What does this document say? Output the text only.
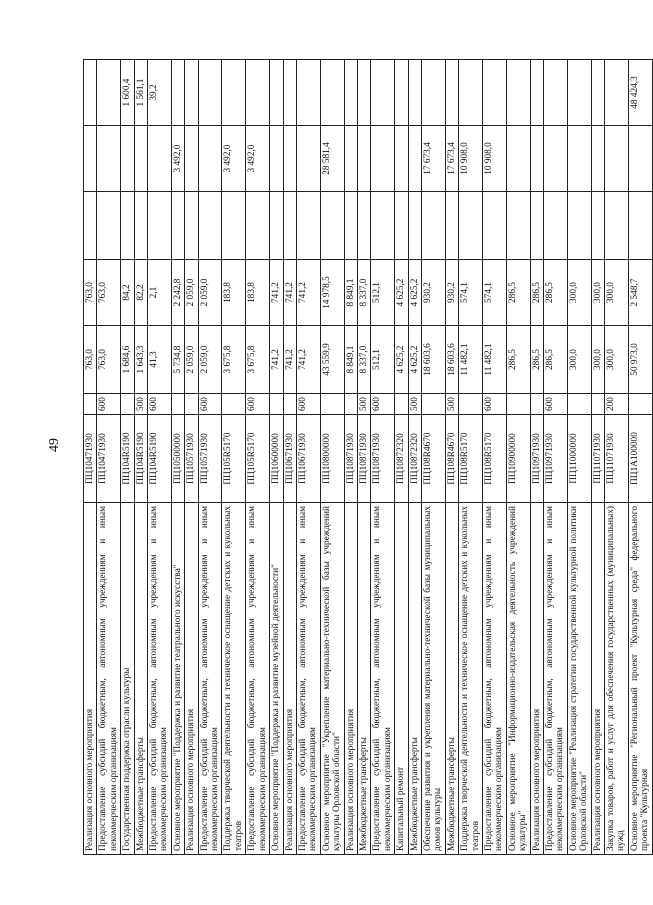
49
Реализация основного мероприятия	ПЦ10471930		763,0	763,0			
Предоставление субсидий бюджетным, автономным учреждениям и иным некоммерческим организациям	ПЦ10471930	600	763,0	763,0			
Государственная поддержка отрасли культуры	ПЦ104R5190		1 684,6	84,2			1 600,4
Межбюджетные трансферты	ПЦ104R5190	500	1 643,3	82,2			1 561,1
Предоставление субсидий бюджетным, автономным учреждениям и иным некоммерческим организациям	ПЦ104R5190	600	41,3	2,1			39,2
Основное мероприятие "Поддержка и развитие театрального искусства"	ПЦ10500000		5 734,8	2 242,8		3 492,0	
Реализация основного мероприятия	ПЦ10571930		2 059,0	2 059,0			
Предоставление субсидий бюджетным, автономным учреждениям и иным некоммерческим организациям	ПЦ10571930	600	2 059,0	2 059,0			
Поддержка творческой деятельности и техническое оснащение детских и кукольных театров	ПЦ105R5170		3 675,8	183,8		3 492,0	
Предоставление субсидий бюджетным, автономным учреждениям и иным некоммерческим организациям	ПЦ105R5170	600	3 675,8	183,8		3 492,0	
Основное мероприятие "Поддержка и развитие музейной деятельности"	ПЦ10600000		741,2	741,2			
Реализация основного мероприятия	ПЦ10671930		741,2	741,2			
Предоставление субсидий бюджетным, автономным учреждениям и иным некоммерческим организациям	ПЦ10671930	600	741,2	741,2			
Основное мероприятие "Укрепление материально-технической базы учреждений культуры Орловской области"	ПЦ10800000		43 559,9	14 978,5		28 581,4	
Реализация основного мероприятия	ПЦ10871930		8 849,1	8 849,1			
Межбюджетные трансферты	ПЦ10871930	500	8 337,0	8 337,0			
Предоставление субсидий бюджетным, автономным учреждениям и иным некоммерческим организациям	ПЦ10871930	600	512,1	512,1			
Капитальный ремонт	ПЦ10872320		4 625,2	4 625,2			
Межбюджетные трансферты	ПЦ10872320	500	4 625,2	4 625,2			
Обеспечение развития и укрепления материально-технической базы муниципальных домов культуры	ПЦ108R4670		18 603,6	930,2		17 673,4	
Межбюджетные трансферты	ПЦ108R4670	500	18 603,6	930,2		17 673,4	
Поддержка творческой деятельности и техническое оснащение детских и кукольных театров	ПЦ108R5170		11 482,1	574,1		10 908,0	
Предоставление субсидий бюджетным, автономным учреждениям и иным некоммерческим организациям	ПЦ108R5170	600	11 482,1	574,1		10 908,0	
Основное мероприятие "Информационно-издательская деятельность учреждений культуры"	ПЦ10900000		286,5	286,5			
Реализация основного мероприятия	ПЦ10971930		286,5	286,5			
Предоставление субсидий бюджетным, автономным учреждениям и иным некоммерческим организациям	ПЦ10971930	600	286,5	286,5			
Основное мероприятие "Реализация стратегии государственной культурной политики Орловской области"	ПЦ11000000		300,0	300,0			
Реализация основного мероприятия	ПЦ11071930		300,0	300,0			
Закупка товаров, работ и услуг для обеспечения государственных (муниципальных) нужд	ПЦ11071930	200	300,0	300,0			
Основное мероприятие "Региональный проект "Культурная среда" федерального проекта "Культурная	ПЦ1A100000		50 973,0	2 548,7			48 424,3
